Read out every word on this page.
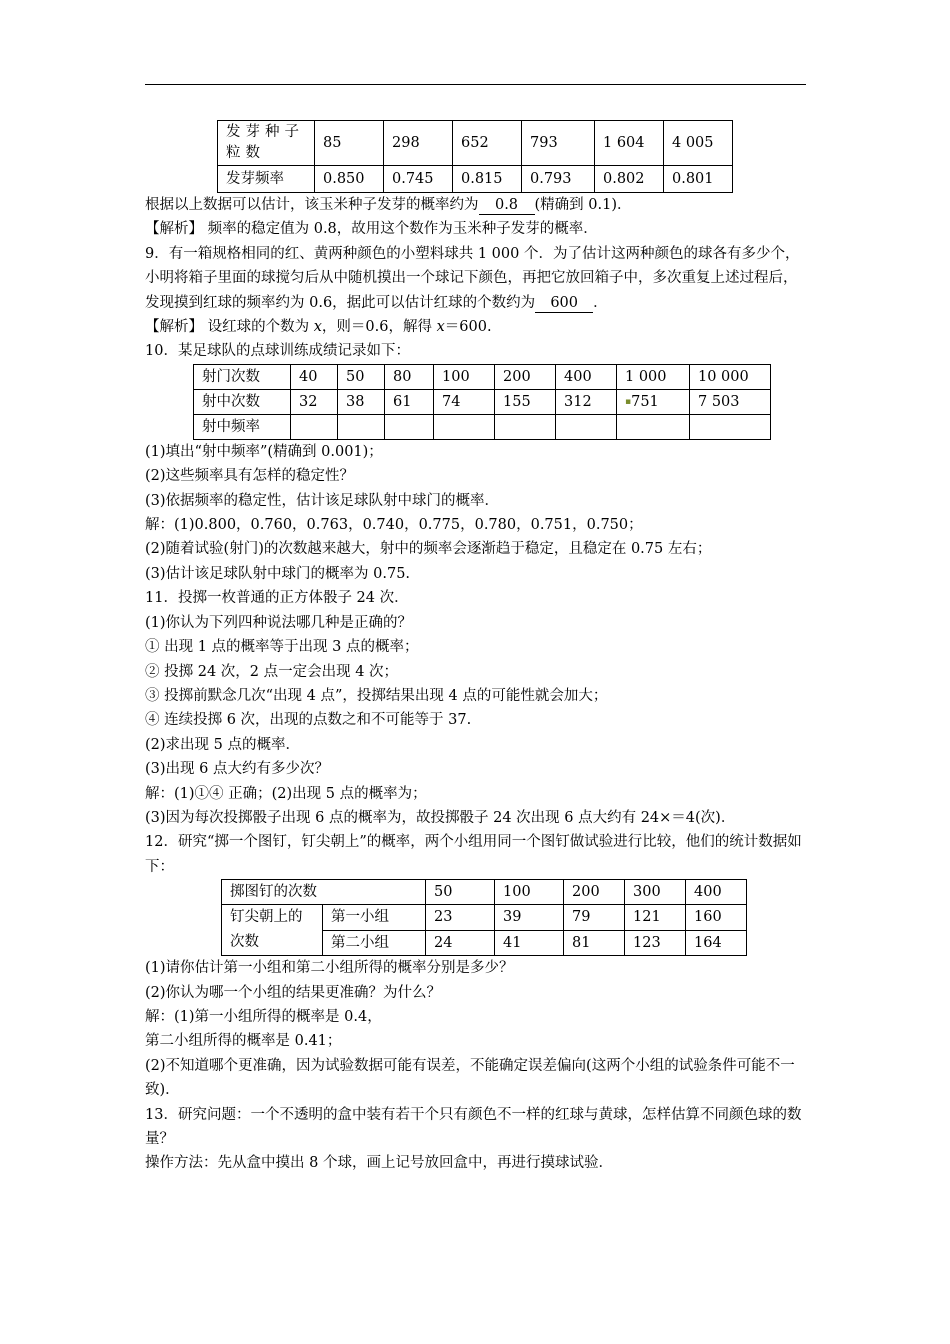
发芽种子粒数	85	298	652	793	1 604	4 005
发芽频率	0.850	0.745	0.815	0.793	0.802	0.801

根据以上数据可以估计，该玉米种子发芽的概率约为 0.8 (精确到 0.1)．

【解析】 频率的稳定值为 0.8，故用这个数作为玉米种子发芽的概率．

9．有一箱规格相同的红、黄两种颜色的小塑料球共 1 000 个．为了估计这两种颜色的球各有多少个，小明将箱子里面的球搅匀后从中随机摸出一个球记下颜色，再把它放回箱子中，多次重复上述过程后，发现摸到红球的频率约为 0.6，据此可以估计红球的个数约为 600 ．

【解析】 设红球的个数为 x，则＝0.6，解得 x＝600.

10．某足球队的点球训练成绩记录如下：

射门次数	40	50	80	100	200	400	1 000	10 000
射中次数	32	38	61	74	155	312	▪751	7 503
射中频率								

(1)填出“射中频率”(精确到 0.001)；

(2)这些频率具有怎样的稳定性？

(3)依据频率的稳定性，估计该足球队射中球门的概率．

解：(1)0.800，0.760，0.763，0.740，0.775，0.780，0.751，0.750；

(2)随着试验(射门)的次数越来越大，射中的频率会逐渐趋于稳定，且稳定在 0.75 左右；

(3)估计该足球队射中球门的概率为 0.75.

11．投掷一枚普通的正方体骰子 24 次．

(1)你认为下列四种说法哪几种是正确的？

① 出现 1 点的概率等于出现 3 点的概率；

② 投掷 24 次，2 点一定会出现 4 次；

③ 投掷前默念几次“出现 4 点”，投掷结果出现 4 点的可能性就会加大；

④ 连续投掷 6 次，出现的点数之和不可能等于 37.

(2)求出现 5 点的概率．

(3)出现 6 点大约有多少次？

解：(1)①④ 正确；(2)出现 5 点的概率为；

(3)因为每次投掷骰子出现 6 点的概率为，故投掷骰子 24 次出现 6 点大约有 24×＝4(次)．

12．研究“掷一个图钉，钉尖朝上”的概率，两个小组用同一个图钉做试验进行比较，他们的统计数据如下：

掷图钉的次数		50	100	200	300	400
钉尖朝上的
次数	第一小组	23	39	79	121	160
	第二小组	24	41	81	123	164

(1)请你估计第一小组和第二小组所得的概率分别是多少？

(2)你认为哪一个小组的结果更准确？为什么？

解：(1)第一小组所得的概率是 0.4，

第二小组所得的概率是 0.41；

(2)不知道哪个更准确，因为试验数据可能有误差，不能确定误差偏向(这两个小组的试验条件可能不一致)．

13．研究问题：一个不透明的盒中装有若干个只有颜色不一样的红球与黄球，怎样估算不同颜色球的数量？

操作方法：先从盒中摸出 8 个球，画上记号放回盒中，再进行摸球试验．
